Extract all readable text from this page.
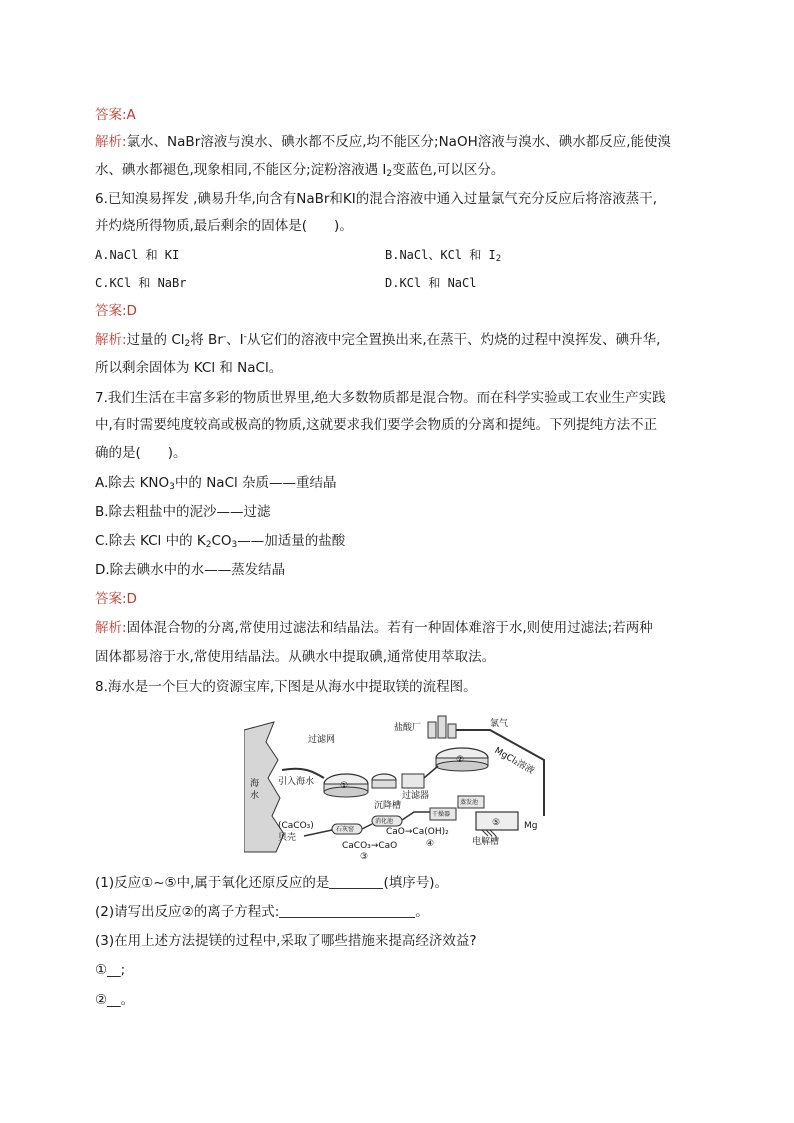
答案:A
解析:氯水、NaBr溶液与溴水、碘水都不反应,均不能区分;NaOH溶液与溴水、碘水都反应,能使溴
水、碘水都褪色,现象相同,不能区分;淀粉溶液遇 $I_2$变蓝色,可以区分。
6.已知溴易挥发 ,碘易升华,向含有NaBr和KI的混合溶液中通入过量氯气充分反应后将溶液蒸干,
并灼烧所得物质,最后剩余的固体是(　　)。
A.NaCl 和 KI	B.NaCl、KCl 和 $I_2$
C.KCl 和 NaBr	D.KCl 和 NaCl
答案:D
解析:过量的 $Cl_2$将 Br-、I-从它们的溶液中完全置换出来,在蒸干、灼烧的过程中溴挥发、碘升华,
所以剩余固体为 KCl 和 NaCl。
7.我们生活在丰富多彩的物质世界里,绝大多数物质都是混合物。而在科学实验或工农业生产实践
中,有时需要纯度较高或极高的物质,这就要求我们要学会物质的分离和提纯。下列提纯方法不正
确的是(　　)。
A.除去 $KNO_3$中的 NaCl 杂质——重结晶
B.除去粗盐中的泥沙——过滤
C.除去 KCl 中的 $K_2CO_3——$加适量的盐酸
D.除去碘水中的水——蒸发结晶
答案:D
解析:固体混合物的分离,常使用过滤法和结晶法。若有一种固体难溶于水,则使用过滤法;若两种
固体都易溶于水,常使用结晶法。从碘水中提取碘,通常使用萃取法。
8.海水是一个巨大的资源宝库,下图是从海水中提取镁的流程图。
海
水
过滤网
引入海水	①
沉降槽
过滤器
盐酸厂	氯气
②	MgCl₂溶液
蒸发池
干燥器
⑤
电解槽
Mg
(CaCO₃)
贝壳
石灰窑
消化池
CaO→Ca(OH)₂
④
CaCO₃→CaO
③
(1)反应①~⑤中,属于氧化还原反应的是	(填序号)。
(2)请写出反应②的离子方程式:	。
(3)在用上述方法提镁的过程中,采取了哪些措施来提高经济效益?
①__;
②__。
